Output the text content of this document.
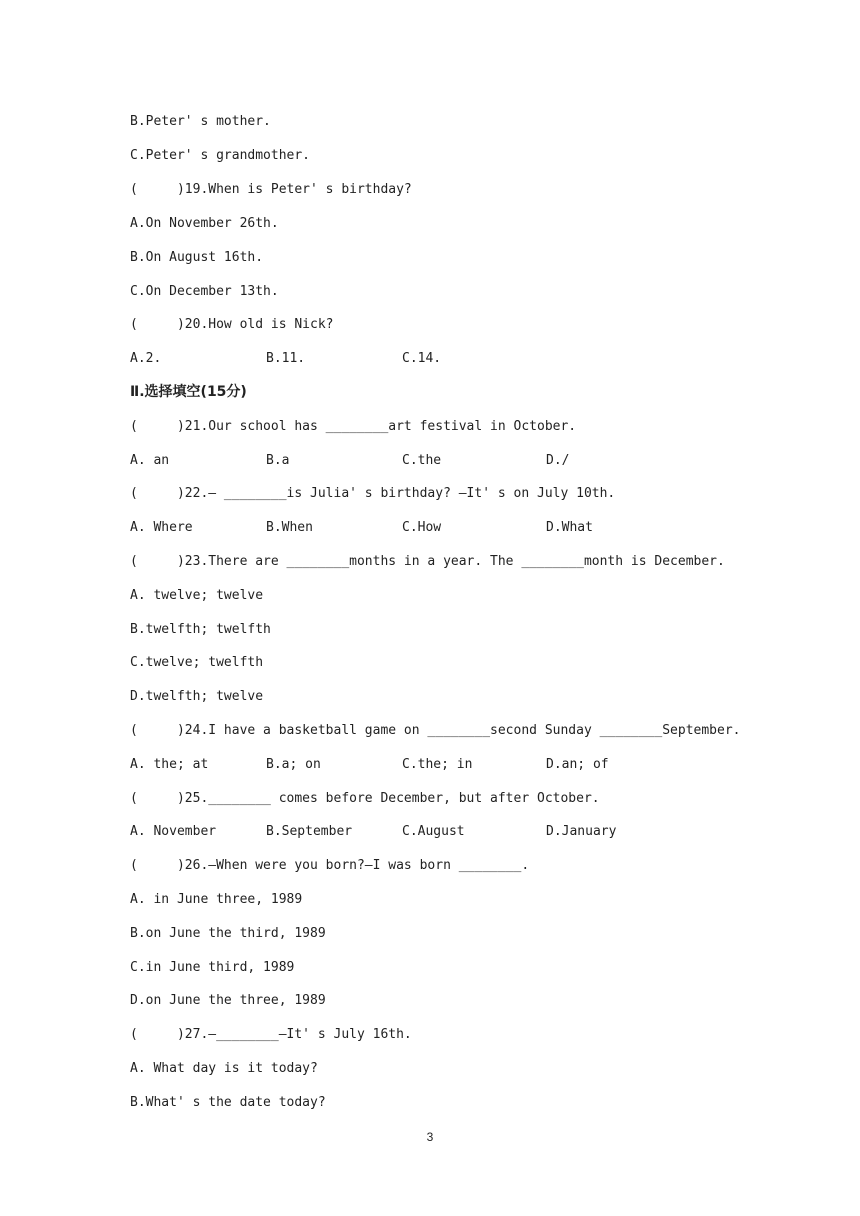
B.Peter' s mother.
C.Peter' s grandmother.
(     )19.When is Peter' s birthday?
A.On November 26th.
B.On August 16th.
C.On December 13th.
(     )20.How old is Nick?
A.2.	B.11.	C.14.
Ⅱ.选择填空(15分)
(     )21.Our school has ________art festival in October.
A. an	B.a	C.the	D./
(     )22.— ________is Julia' s birthday? —It' s on July 10th.
A. Where	B.When	C.How	D.What
(     )23.There are ________months in a year. The ________month is December.
A. twelve; twelve
B.twelfth; twelfth
C.twelve; twelfth
D.twelfth; twelve
(     )24.I have a basketball game on ________second Sunday ________September.
A. the; at	B.a; on	C.the; in	D.an; of
(     )25.________ comes before December, but after October.
A. November	B.September	C.August	D.January
(     )26.—When were you born?—I was born ________.
A. in June three, 1989
B.on June the third, 1989
C.in June third, 1989
D.on June the three, 1989
(     )27.—________—It' s July 16th.
A. What day is it today?
B.What' s the date today?
3
